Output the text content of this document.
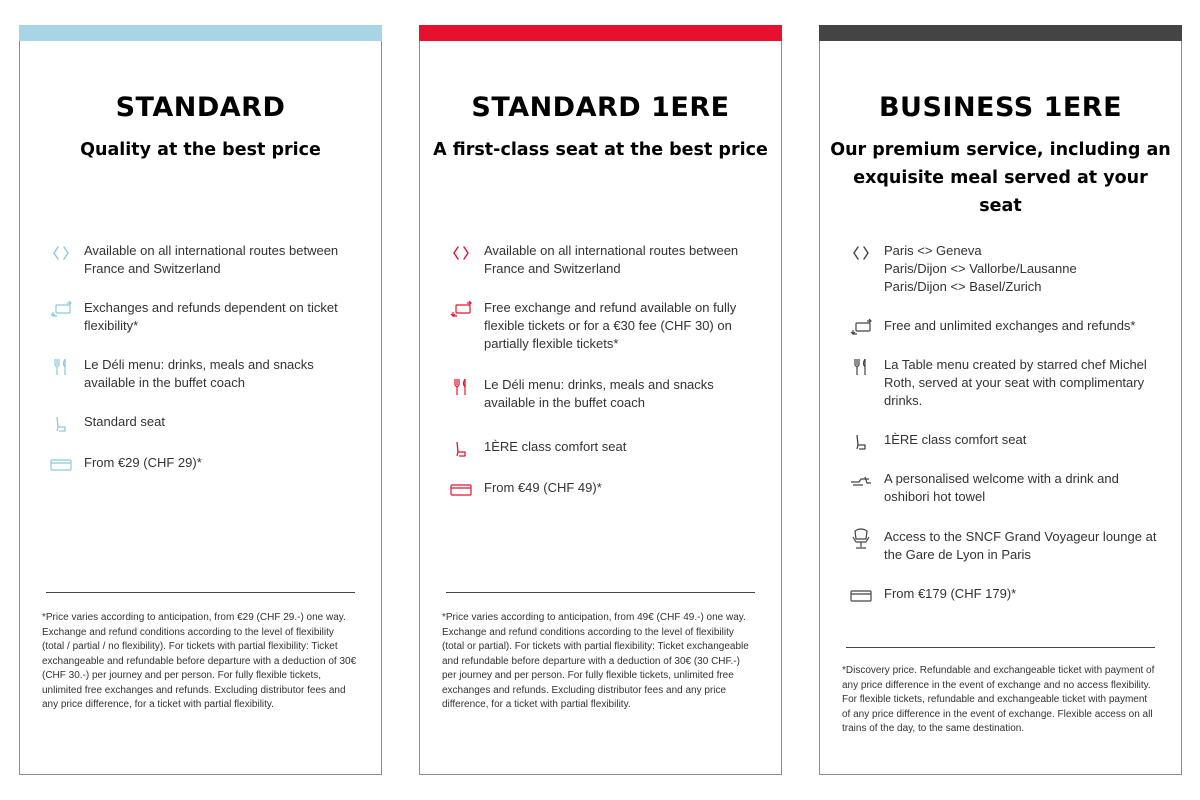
STANDARD
Quality at the best price
Available on all international routes between France and Switzerland
Exchanges and refunds dependent on ticket flexibility*
Le Déli menu: drinks, meals and snacks available in the buffet coach
Standard seat
From €29 (CHF 29)*
*Price varies according to anticipation, from €29 (CHF 29.-) one way. Exchange and refund conditions according to the level of flexibility (total / partial / no flexibility). For tickets with partial flexibility: Ticket exchangeable and refundable before departure with a deduction of 30€ (CHF 30.-) per journey and per person. For fully flexible tickets, unlimited free exchanges and refunds. Excluding distributor fees and any price difference, for a ticket with partial flexibility.
STANDARD 1ERE
A first-class seat at the best price
Available on all international routes between France and Switzerland
Free exchange and refund available on fully flexible tickets or for a €30 fee (CHF 30) on partially flexible tickets*
Le Déli menu: drinks, meals and snacks available in the buffet coach
1ÈRE class comfort seat
From €49 (CHF 49)*
*Price varies according to anticipation, from 49€ (CHF 49.-) one way. Exchange and refund conditions according to the level of flexibility (total or partial). For tickets with partial flexibility: Ticket exchangeable and refundable before departure with a deduction of 30€ (30 CHF.-) per journey and per person. For fully flexible tickets, unlimited free exchanges and refunds. Excluding distributor fees and any price difference, for a ticket with partial flexibility.
BUSINESS 1ERE
Our premium service, including an exquisite meal served at your seat
Paris <> Geneva
Paris/Dijon <> Vallorbe/Lausanne
Paris/Dijon <> Basel/Zurich
Free and unlimited exchanges and refunds*
La Table menu created by starred chef Michel Roth, served at your seat with complimentary drinks.
1ÈRE class comfort seat
A personalised welcome with a drink and oshibori hot towel
Access to the SNCF Grand Voyageur lounge at the Gare de Lyon in Paris
From €179 (CHF 179)*
*Discovery price. Refundable and exchangeable ticket with payment of any price difference in the event of exchange and no access flexibility. For flexible tickets, refundable and exchangeable ticket with payment of any price difference in the event of exchange. Flexible access on all trains of the day, to the same destination.
